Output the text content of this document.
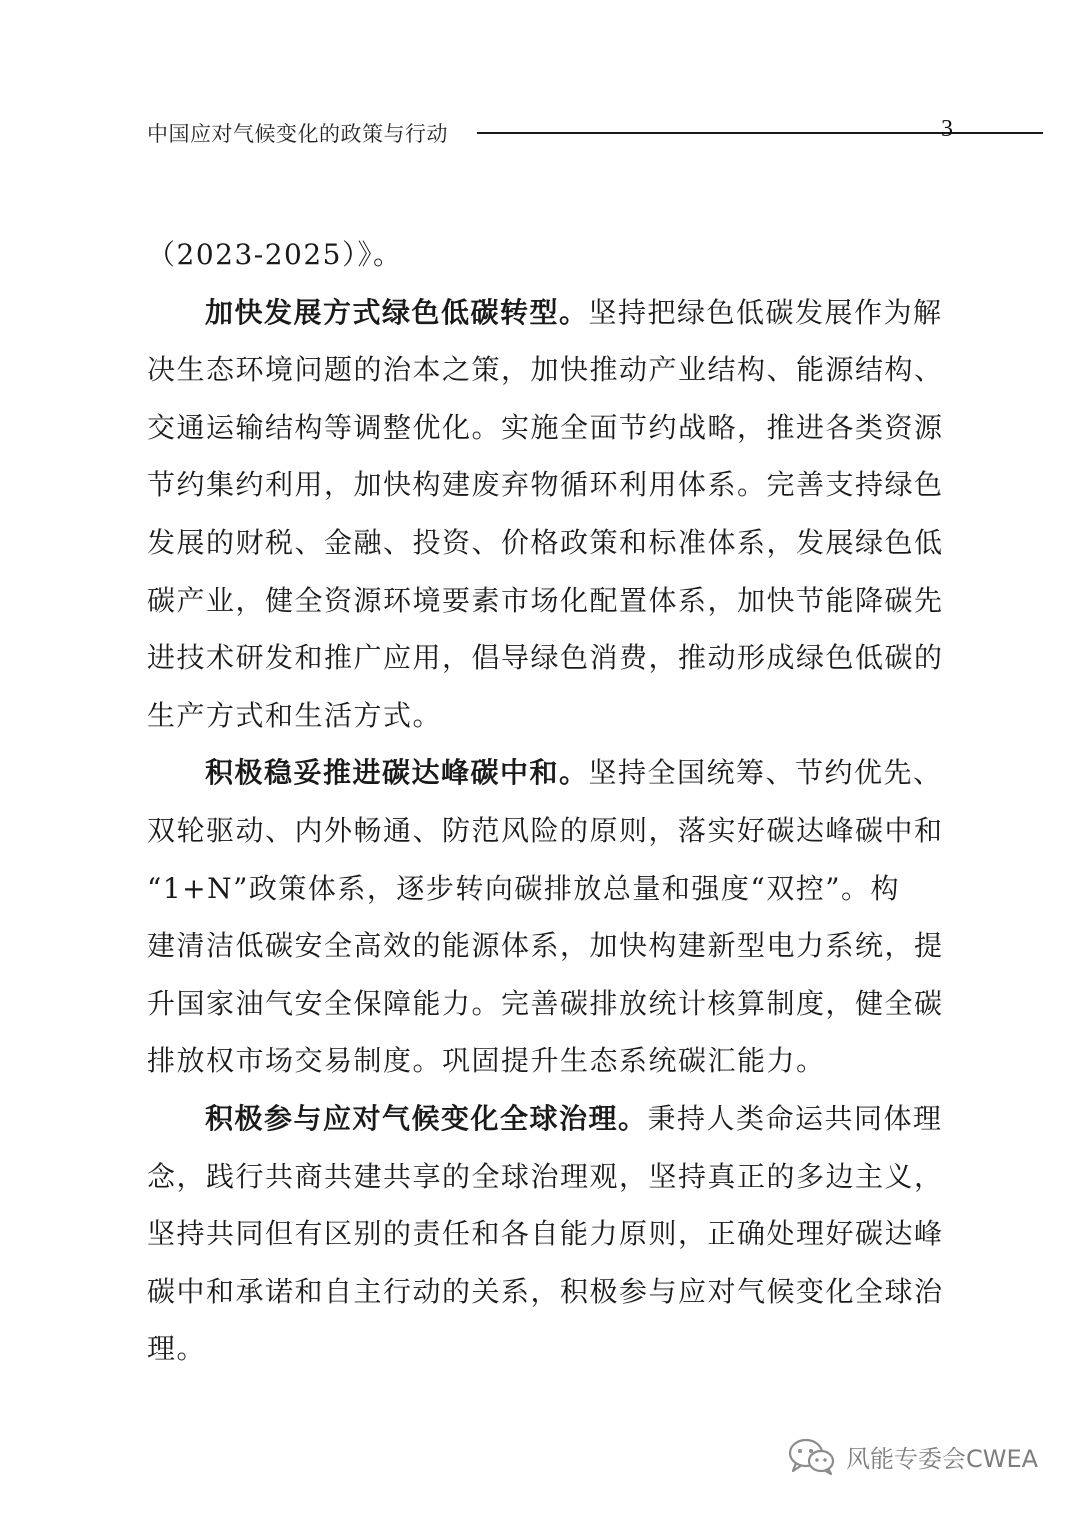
中国应对气候变化的政策与行动	3
（2023-2025）》。
加快发展方式绿色低碳转型。坚持把绿色低碳发展作为解
决生态环境问题的治本之策，加快推动产业结构、能源结构、
交通运输结构等调整优化。实施全面节约战略，推进各类资源
节约集约利用，加快构建废弃物循环利用体系。完善支持绿色
发展的财税、金融、投资、价格政策和标准体系，发展绿色低
碳产业，健全资源环境要素市场化配置体系，加快节能降碳先
进技术研发和推广应用，倡导绿色消费，推动形成绿色低碳的
生产方式和生活方式。
积极稳妥推进碳达峰碳中和。坚持全国统筹、节约优先、
双轮驱动、内外畅通、防范风险的原则，落实好碳达峰碳中和
“1+N”政策体系，逐步转向碳排放总量和强度“双控”。构
建清洁低碳安全高效的能源体系，加快构建新型电力系统，提
升国家油气安全保障能力。完善碳排放统计核算制度，健全碳
排放权市场交易制度。巩固提升生态系统碳汇能力。
积极参与应对气候变化全球治理。秉持人类命运共同体理
念，践行共商共建共享的全球治理观，坚持真正的多边主义，
坚持共同但有区别的责任和各自能力原则，正确处理好碳达峰
碳中和承诺和自主行动的关系，积极参与应对气候变化全球治
理。
风能专委会CWEA
